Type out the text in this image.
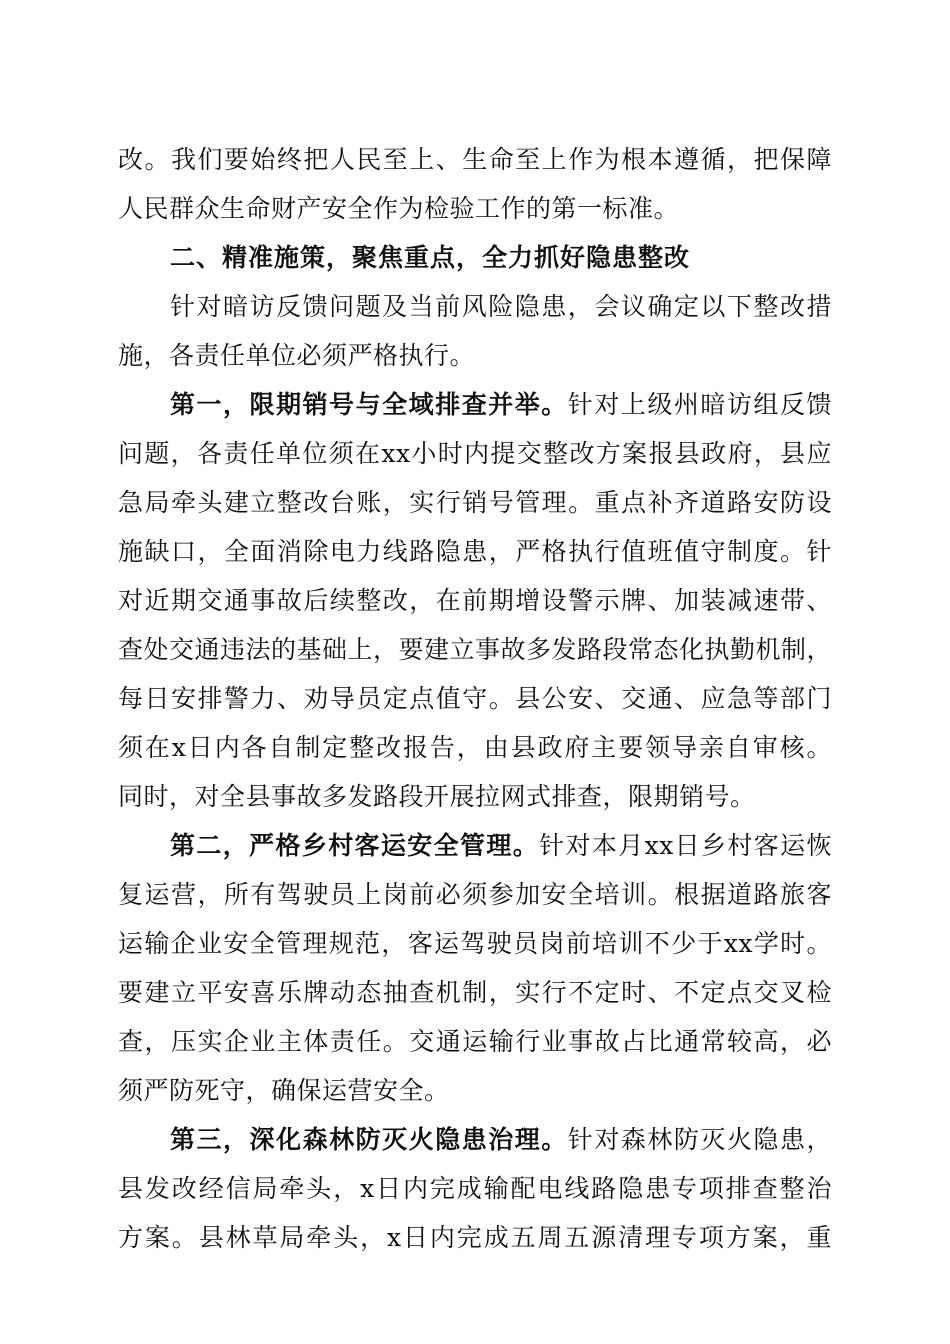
改。我们要始终把人民至上、生命至上作为根本遵循，把保障
人民群众生命财产安全作为检验工作的第一标准。
二、精准施策，聚焦重点，全力抓好隐患整改
针对暗访反馈问题及当前风险隐患，会议确定以下整改措
施，各责任单位必须严格执行。
第一，限期销号与全域排查并举。针对上级州暗访组反馈
问题，各责任单位须在xx小时内提交整改方案报县政府，县应
急局牵头建立整改台账，实行销号管理。重点补齐道路安防设
施缺口，全面消除电力线路隐患，严格执行值班值守制度。针
对近期交通事故后续整改，在前期增设警示牌、加装减速带、
查处交通违法的基础上，要建立事故多发路段常态化执勤机制，
每日安排警力、劝导员定点值守。县公安、交通、应急等部门
须在x日内各自制定整改报告，由县政府主要领导亲自审核。
同时，对全县事故多发路段开展拉网式排查，限期销号。
第二，严格乡村客运安全管理。针对本月xx日乡村客运恢
复运营，所有驾驶员上岗前必须参加安全培训。根据道路旅客
运输企业安全管理规范，客运驾驶员岗前培训不少于xx学时。
要建立平安喜乐牌动态抽查机制，实行不定时、不定点交叉检
查，压实企业主体责任。交通运输行业事故占比通常较高，必
须严防死守，确保运营安全。
第三，深化森林防灭火隐患治理。针对森林防灭火隐患，
县发改经信局牵头，x日内完成输配电线路隐患专项排查整治
方案。县林草局牵头，x日内完成五周五源清理专项方案，重
